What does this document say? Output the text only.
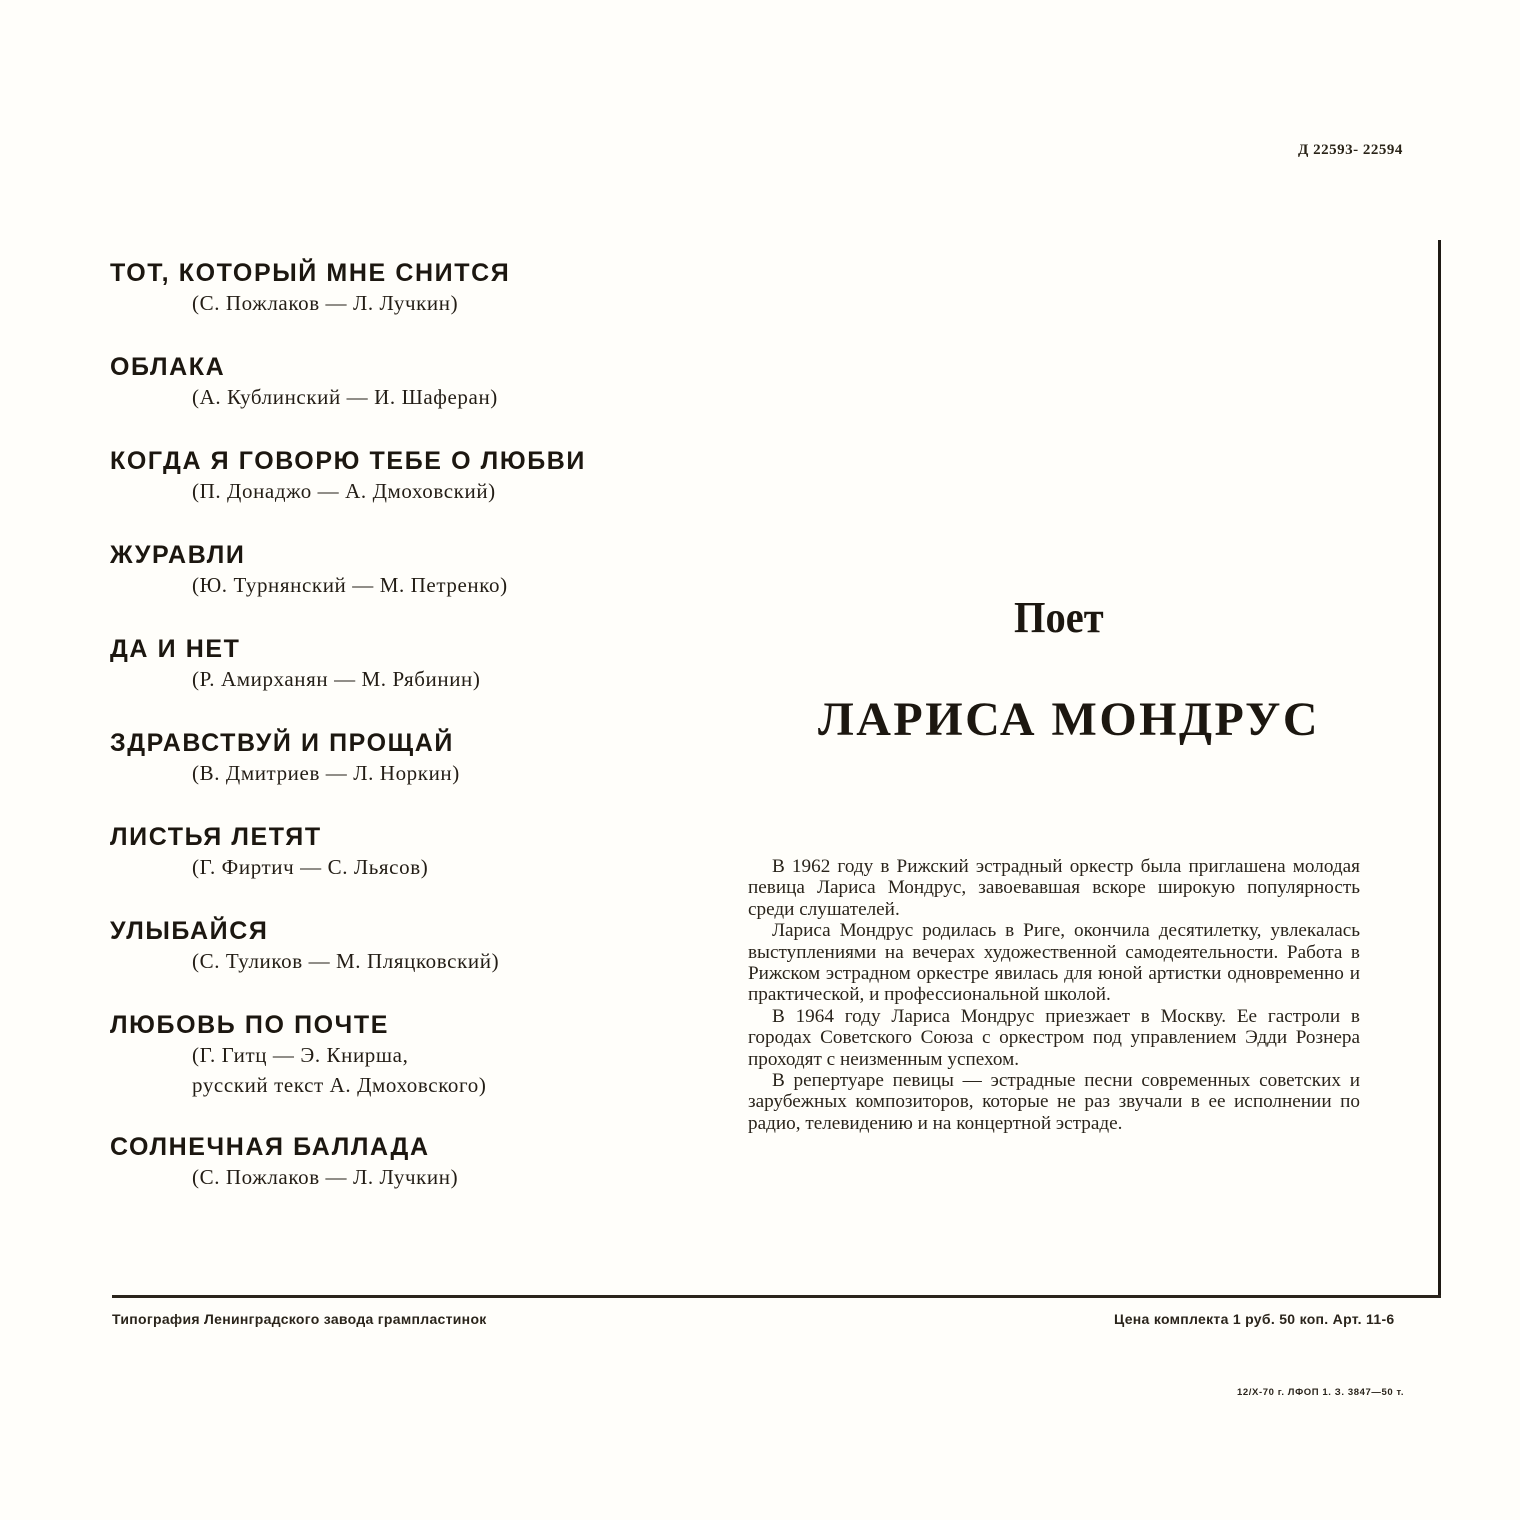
Д 22593- 22594
ТОТ, КОТОРЫЙ МНЕ СНИТСЯ
(С. Пожлаков — Л. Лучкин)
ОБЛАКА
(А. Кублинский — И. Шаферан)
КОГДА Я ГОВОРЮ ТЕБЕ О ЛЮБВИ
(П. Донаджо — А. Дмоховский)
ЖУРАВЛИ
(Ю. Турнянский — М. Петренко)
ДА И НЕТ
(Р. Амирханян — М. Рябинин)
ЗДРАВСТВУЙ И ПРОЩАЙ
(В. Дмитриев — Л. Норкин)
ЛИСТЬЯ ЛЕТЯТ
(Г. Фиртич — С. Льясов)
УЛЫБАЙСЯ
(С. Туликов — М. Пляцковский)
ЛЮБОВЬ ПО ПОЧТЕ
(Г. Гитц — Э. Книрша,
русский текст А. Дмоховского)
СОЛНЕЧНАЯ БАЛЛАДА
(С. Пожлаков — Л. Лучкин)
Поет
ЛАРИСА МОНДРУС

В 1962 году в Рижский эстрадный оркестр была приглашена молодая певица Лариса Мондрус, завоевавшая вскоре широкую популярность среди слушателей.

Лариса Мондрус родилась в Риге, окончила десятилетку, увлекалась выступлениями на вечерах художественной самодеятельности. Работа в Рижском эстрадном оркестре явилась для юной артистки одновременно и практической, и профессиональной школой.

В 1964 году Лариса Мондрус приезжает в Москву. Ее гастроли в городах Советского Союза с оркестром под управлением Эдди Рознера проходят с неизменным успехом.

В репертуаре певицы — эстрадные песни современных советских и зарубежных композиторов, которые не раз звучали в ее исполнении по радио, телевидению и на концертной эстраде.

Типография Ленинградского завода грампластинок	Цена комплекта 1 руб. 50 коп. Арт. 11-6
12/X-70 г. ЛФОП 1. З. 3847—50 т.
